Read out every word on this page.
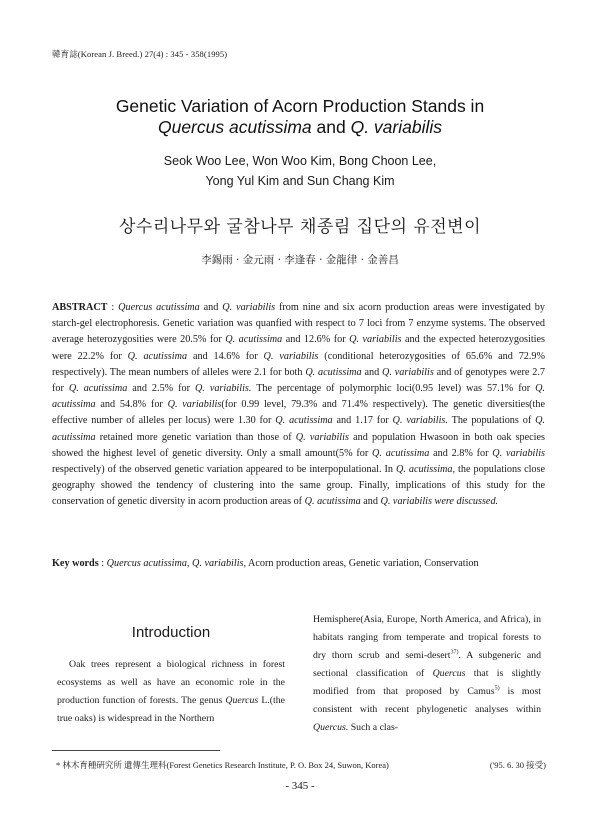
韓育誌(Korean J. Breed.) 27(4) : 345 - 358(1995)
Genetic Variation of Acorn Production Stands in
Quercus acutissima and Q. variabilis
Seok Woo Lee, Won Woo Kim, Bong Choon Lee,
Yong Yul Kim and Sun Chang Kim
상수리나무와 굴참나무 채종림 집단의 유전변이
李錫雨 · 金元雨 · 李逢春 · 金龍律 · 金善昌
ABSTRACT : Quercus acutissima and Q. variabilis from nine and six acorn production areas were investigated by starch-gel electrophoresis. Genetic variation was quanfied with respect to 7 loci from 7 enzyme systems. The observed average heterozygosities were 20.5% for Q. acutissima and 12.6% for Q. variabilis and the expected heterozygosities were 22.2% for Q. acutissima and 14.6% for Q. variabilis (conditional heterozygosities of 65.6% and 72.9% respectively). The mean numbers of alleles were 2.1 for both Q. acutissima and Q. variabilis and of genotypes were 2.7 for Q. acutissima and 2.5% for Q. variabilis. The percentage of polymorphic loci(0.95 level) was 57.1% for Q. acutissima and 54.8% for Q. variabilis(for 0.99 level, 79.3% and 71.4% respectively). The genetic diversities(the effective number of alleles per locus) were 1.30 for Q. acutissima and 1.17 for Q. variabilis. The populations of Q. acutissima retained more genetic variation than those of Q. variabilis and population Hwasoon in both oak species showed the highest level of genetic diversity. Only a small amount(5% for Q. acutissima and 2.8% for Q. variabilis respectively) of the observed genetic variation appeared to be interpopulational. In Q. acutissima, the populations close geography showed the tendency of clustering into the same group. Finally, implications of this study for the conservation of genetic diversity in acorn production areas of Q. acutissima and Q. variabilis were discussed.
Key words : Quercus acutissima, Q. variabilis, Acorn production areas, Genetic variation, Conservation
Introduction
Oak trees represent a biological richness in forest ecosystems as well as have an economic role in the production function of forests. The genus Quercus L.(the true oaks) is widespread in the Northern
Hemisphere(Asia, Europe, North America, and Africa), in habitats ranging from temperate and tropical forests to dry thorn scrub and semi-desert$^{37)}$. A subgeneric and sectional classification of Quercus that is slightly modified from that proposed by Camus$^{5)}$ is most consistent with recent phylogenetic analyses within Quercus. Such a clas-
* 林木育種硏究所 遺傳生理科(Forest Genetics Research Institute, P. O. Box 24, Suwon, Korea)	('95. 6. 30 接受)
- 345 -
